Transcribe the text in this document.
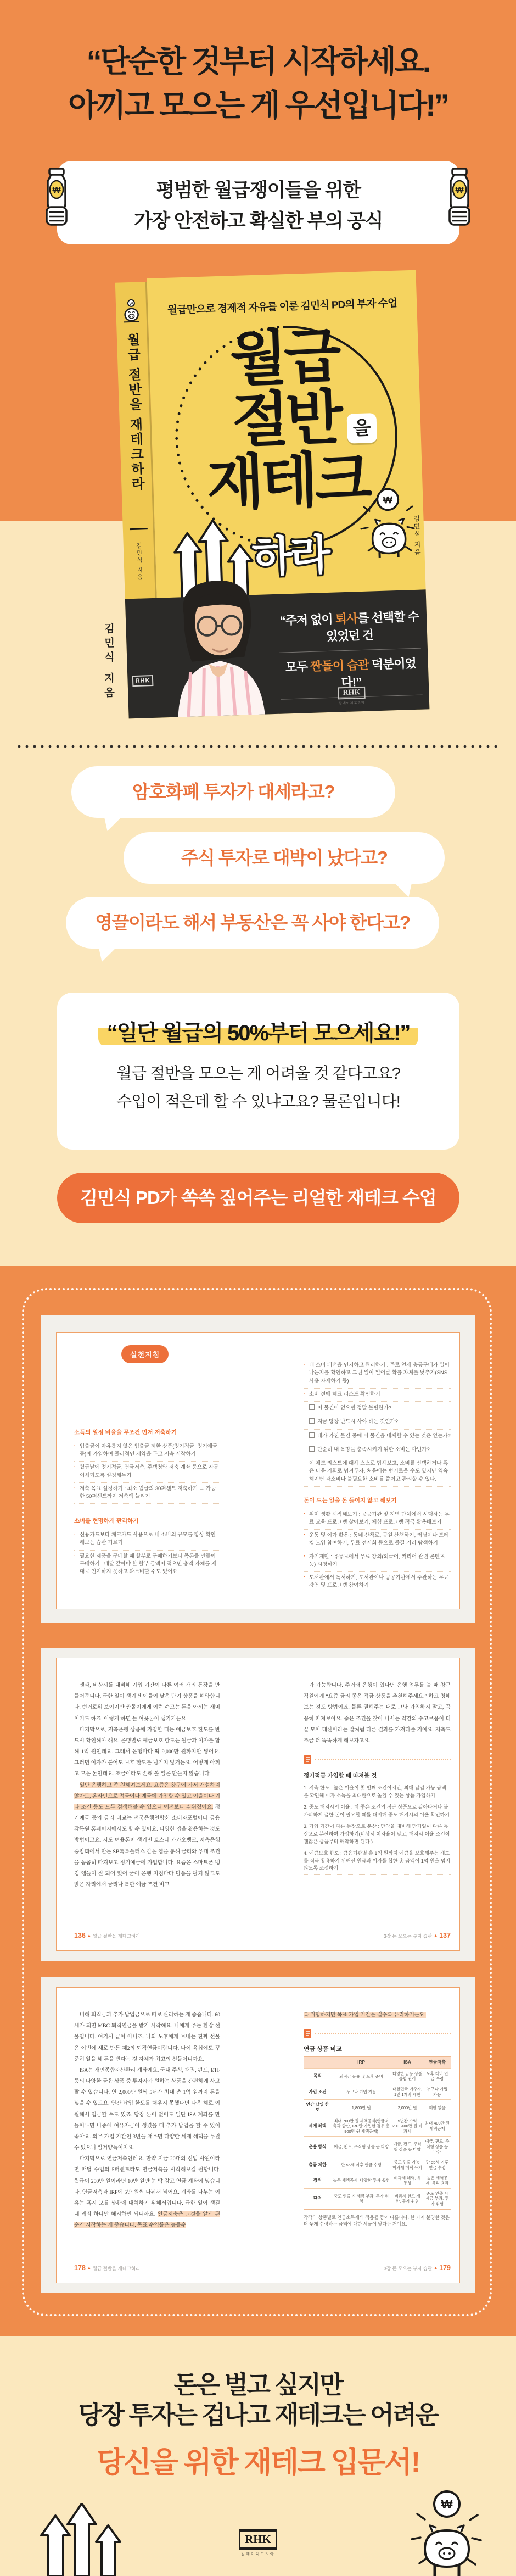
“단순한 것부터 시작하세요.
아끼고 모으는 게 우선입니다!”
평범한 월급쟁이들을 위한
가장 안전하고 확실한 부의 공식
₩	₩
₩
월급 절반을 재테크하라
김민식 지음
RHK
월급만으로 경제적 자유를 이룬 김민식 PD의 부자 수업
월급
절반
재테크
을
하라
₩
김민식 지음
“주저 없이 퇴사를 선택할 수 있었던 건
모두 짠돌이 습관 덕분이었다!”
RHK
알에이치코리아
김민식 지음
암호화폐 투자가 대세라고?
주식 투자로 대박이 났다고?
영끌이라도 해서 부동산은 꼭 사야 한다고?
“일단 월급의 50%부터 모으세요!”
월급 절반을 모으는 게 어려울 것 같다고요?
수입이 적은데 할 수 있냐고요? 물론입니다!
김민식 PD가 쏙쏙 짚어주는 리얼한 재테크 수업
실천지침
소득의 일정 비율을 무조건 먼저 저축하기
· 입출금이 자유롭지 않은 입출금 제한 상품(정기적금, 정기예금 등)에 가입하여 물리적인 제약을 두고 저축 시작하기
· 월급날에 정기적금, 연금저축, 주택청약 저축 계좌 등으로 자동이체되도록 설정해두기
· 저축 목표 설정하기 : 최소 월급의 30퍼센트 저축하기 → 가능한 50퍼센트까지 저축액 늘리기
소비를 현명하게 관리하기
· 신용카드보다 체크카드 사용으로 내 소비의 규모를 항상 확인해보는 습관 기르기
· 필요한 제품을 구매할 때 할부로 구매하기보다 목돈을 만들어 구매하기 : 매달 갚아야 할 할부 금액이 적으면 총액 자체를 제대로 인지하지 못하고 과소비할 수도 있어요.
· 내 소비 패턴을 인지하고 관리하기 : 주로 언제 충동구매가 일어나는지를 확인하고 그런 일이 일어날 확률 자체를 낮추기(SNS 사용 자제하기 등)
· 소비 전에 체크 리스트 확인하기
이 물건이 없으면 정말 불편한가?
지금 당장 반드시 사야 하는 것인가?
내가 가진 물건 중에 이 물건을 대체할 수 있는 것은 없는가?
단순히 내 욕망을 충족시키기 위한 소비는 아닌가?
이 체크 리스트에 대해 스스로 답해보고, 소비를 선택하거나 혹은 다음 기회로 넘겨두자. 처음에는 번거로울 수도 있지만 익숙해지면 과소비나 불필요한 소비를 줄이고 관리할 수 있다.
돈이 드는 일을 돈 들이지 않고 해보기
· 취미 생활 시작해보기 : 공공기관 및 지역 단체에서 시행하는 무료 교육 프로그램 찾아보기, 체험 프로그램 적극 활용해보기
· 운동 및 여가 활용 : 동네 산책로, 공원 산책하기, 러닝이나 트레킹 모임 참여하기, 무료 전시회 등으로 즐길 거리 탐색하기
· 자기계발 : 유튜브에서 무료 강의(외국어, 커리어 관련 콘텐츠 등) 시청하기
· 도서관에서 독서하기, 도서관이나 공공기관에서 주관하는 무료 강연 및 프로그램 참여하기

셋째, 비상시를 대비해 가입 기간이 다른 여러 개의 통장을 만들어둡니다. 급한 일이 생기면 이율이 낮은 단기 상품을 해약합니다. 번거로워 보이지만 짠돌이에게 이런 수고는 돈을 아끼는 재미이기도 하죠. 이렇게 하면 늘 여윳돈이 생기거든요.

마지막으로, 저축은행 상품에 가입할 때는 예금보호 한도를 반드시 확인해야 해요. 은행별로 예금보호 한도는 원금과 이자를 합해 1억 원인데요. 그래서 은행마다 딱 9,000만 원까지만 넣어요. 그러면 이자가 붙어도 보호 한도를 넘기지 않거든요. 어떻게 아끼고 모은 돈인데요. 조금이라도 손해 볼 일은 만들지 않습니다.

일단 은행하고 좀 친해져보세요. 요즘은 창구에 가서 개설하지 않아도, 온라인으로 적금이나 예금에 가입할 수 있고 이율이나 기타 조건 등도 모두 검색해볼 수 있으니 예전보다 쉬워졌어요. 정기예금 등의 금리 비교는 전국은행연합회 소비자포털이나 금융감독원 홈페이지에서도 할 수 있어요. 다양한 앱을 활용하는 것도 방법이고요. 저도 여윳돈이 생기면 토스나 카카오뱅크, 저축은행중앙회에서 만든 SB톡톡플러스 같은 앱을 통해 금리와 우대 조건을 꼼꼼히 따져보고 정기예금에 가입합니다. 요즘은 스마트폰 뱅킹 앱들이 잘 되어 있어 굳이 은행 지점마다 발품을 팔지 않고도 앉은 자리에서 금리나 특판 예금 조건 비교

가 가능합니다. 주거래 은행이 있다면 은행 업무를 볼 때 창구 직원에게 “요즘 금리 좋은 적금 상품을 추천해주세요.” 하고 청해보는 것도 방법이죠. 물론 권해주는 대로 그냥 가입하지 말고, 꼼꼼히 따져보아요. 좋은 조건을 찾아 나서는 약간의 수고로움이 티끌 모아 태산이라는 말처럼 다른 결과를 가져다줄 거예요. 저축도 조금 더 똑똑하게 해보자고요.

정기적금 가입할 때 따져볼 것
1. 저축 한도 : 높은 이율이 첫 번째 조건이지만, 최대 납입 가능 금액을 확인해 이자 소득을 최대한으로 높일 수 있는 상품 가입하기
2. 중도 해지시의 이율 : 더 좋은 조건의 적금 상품으로 갈아타거나 불가피하게 급한 돈이 필요할 때를 대비해 중도 해지시의 이율 확인하기
3. 가입 기간이 다른 통장으로 분산 : 만약을 대비해 만기일이 다른 통장으로 분산하여 가입하기(비상시 이자율이 낮고, 해지시 이율 조건이 괜찮은 상품부터 해약하면 된다.)
4. 예금보호 한도 : 금융기관별 총 1억 원까지 예금을 보호해주는 제도를 적극 활용하기 위해선 원금과 이자를 합한 총 금액이 1억 원을 넘지 않도록 조정하기
136 ▲ 월급 절반을 재테크하라	3장 돈 모으는 부자 습관 ▲ 137

비해 퇴직금과 추가 납입금으로 따로 관리하는 게 좋습니다. 60세가 되면 MBC 퇴직연금을 받기 시작해요. 나에게 주는 환갑 선물입니다. 여기서 끝이 아니죠. 나의 노후에게 보내는 진짜 선물은 이번에 새로 만든 제2의 퇴직연금이랍니다. 나이 육십에도 꾸준히 일을 해 돈을 번다는 것 자체가 최고의 선물이니까요.

ISA는 개인종합자산관리 계좌예요. 국내 주식, 채권, 펀드, ETF 등의 다양한 금융 상품 중 투자자가 원하는 상품을 간편하게 사고팔 수 있습니다. 연 2,000만 원씩 5년간 최대 총 1억 원까지 돈을 넣을 수 있고요. 연간 납입 한도를 채우지 못했다면 다음 해로 이월해서 입금할 수도 있죠. 당장 돈이 없어도 일단 ISA 계좌를 만들어두면 나중에 여유자금이 생겼을 때 추가 납입을 할 수 있어 좋아요. 의무 가입 기간인 3년을 채우면 다양한 세제 혜택을 누릴 수 있으니 일거양득이지요.

마지막으로 연금저축인데요. 만약 지금 20대의 신입 사원이라면 매달 수입의 5퍼센트라도 연금저축을 시작해보길 권합니다. 월급이 200만 원이라면 10만 원만 눈 딱 감고 연금 계좌에 넣습니다. 연금저축과 IRP에 5만 원씩 나눠서 넣어요. 계좌를 나누는 이유는 혹시 모를 상황에 대처하기 위해서입니다. 급한 일이 생길 때 계좌 하나만 해지하면 되니까요. 연금저축은 그것을 알게 된 순간 시작하는 게 좋습니다. 목표 수익률은 높을수

록 위험하지만 목표 가입 기간은 길수록 유리하거든요.

연금 상품 비교
	IRP	ISA	연금저축
목적	퇴직금 운용 및 노후 준비	다양한 금융 상품 통합 관리	노후 대비 연금 수령
가입 조건	누구나 가입 가능	대한민국 거주자, 1인 1계좌 제한	누구나 가입 가능
연간 납입 한도	1,800만 원	2,000만 원	제한 없음
세제 혜택	최대 700만 원 세액공제(연금저축과 합산, IRP만 가입한 경우 총 900만 원 세액공제)	5년간 수익 200~400만 원 비과세	최대 400만 원 세액공제
운용 방식	예금, 펀드, 주식형 상품 등 다양	예금, 펀드, 주식형 상품 등 다양	예금, 펀드, 주식형 상품 등 다양
출금 제한	만 55세 이후 연금 수령	중도 인출 가능, 비과세 혜택 유지	만 55세 이후 연금 수령
장점	높은 세액공제, 다양한 투자 옵션	비과세 혜택, 유동성	높은 세액공제, 복리 효과
단점	중도 인출 시 세금 부과, 투자 위험	비과세 한도 제한, 투자 위험	중도 인출 시 세금 부과, 투자 위험
각각의 상품별로 연금소득세의 적용률 등이 다릅니다. 한 가지 분명한 것은 더 늦게 수령하는 금액에 대한 세율이 낮다는 거예요.
178 ▲ 월급 절반을 재테크하라	3장 돈 모으는 부자 습관 ▲ 179
돈은 벌고 싶지만
당장 투자는 겁나고 재테크는 어려운
당신을 위한 재테크 입문서!
RHK
알에이치코리아
₩
